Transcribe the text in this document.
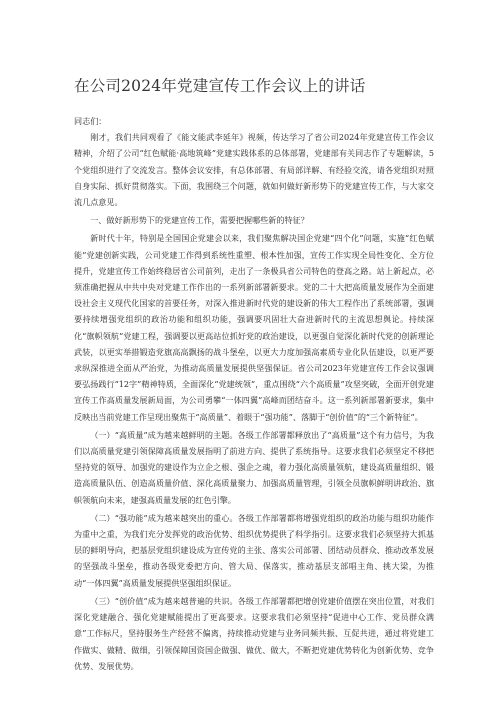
在公司2024年党建宣传工作会议上的讲话

同志们：

刚才，我们共同观看了《能文能武李延年》视频，传达学习了省公司2024年党建宣传工作会议精神，介绍了公司“红色赋能·高地筑峰”党建实践体系的总体部署，党建部有关同志作了专题解读，5个党组织进行了交流发言。整体会议安排，有总体部署、有局部详解、有经验交流，请各党组织对照自身实际、抓好贯彻落实。下面，我围绕三个问题，就如何做好新形势下的党建宣传工作，与大家交流几点意见。

一、做好新形势下的党建宣传工作，需要把握哪些新的特征？

新时代十年，特别是全国国企党建会以来，我们聚焦解决国企党建“四个化”问题，实施“红色赋能”党建创新实践，公司党建工作得到系统性重塑、根本性加强，宣传工作实现全局性变化、全方位提升，党建宣传工作始终稳居省公司前列，走出了一条极具省公司特色的登高之路。站上新起点，必须准确把握从中共中央对党建工作作出的一系列新部署新要求。党的二十大把高质量发展作为全面建设社会主义现代化国家的首要任务，对深入推进新时代党的建设新的伟大工程作出了系统部署，强调要持续增强党组织的政治功能和组织功能，强调要巩固壮大奋进新时代的主流思想舆论。持续深化“旗帜领航”党建工程，强调要以更高站位抓好党的政治建设，以更强自觉深化新时代党的创新理论武装，以更实举措锻造党旗高高飘扬的战斗堡垒，以更大力度加强高素质专业化队伍建设，以更严要求纵深推进全面从严治党，为推动高质量发展提供坚强保证。省公司2023年党建宣传工作会议强调要弘扬践行“12字”精神特质，全面深化“党建统领”，重点围绕“六个高质量”攻坚突破，全面开创党建宣传工作高质量发展新局面，为公司勇攀“一体四翼”高峰而团结奋斗。这一系列新部署新要求，集中反映出当前党建工作呈现出聚焦于“高质量”、着眼于“强功能”、落脚于“创价值”的“三个新特征”。

（一）“高质量”成为越来越鲜明的主题。各级工作部署都释放出了“高质量”这个有力信号，为我们以高质量党建引领保障高质量发展指明了前进方向、提供了系统指导。这要求我们必须坚定不移把坚持党的领导、加强党的建设作为立企之根、强企之魂，着力强化高质量领航，建设高质量组织、锻造高质量队伍、创造高质量价值、深化高质量聚力、加强高质量管理，引领全员旗帜鲜明讲政治、旗帜领航向未来，建强高质量发展的红色引擎。

（二）“强功能”成为越来越突出的重心。各级工作部署都将增强党组织的政治功能与组织功能作为重中之重，为我们充分发挥党的政治优势、组织优势提供了科学指引。这要求我们必须坚持大抓基层的鲜明导向，把基层党组织建设成为宣传党的主张、落实公司部署、团结动员群众、推动改革发展的坚强战斗堡垒，推动各级党委把方向、管大局、保落实，推动基层支部唱主角、挑大梁，为推动“一体四翼”高质量发展提供坚强组织保证。

（三）“创价值”成为越来越普遍的共识。各级工作部署都把增创党建价值摆在突出位置，对我们深化党建融合、强化党建赋能提出了更高要求。这要求我们必须坚持“促进中心工作、党员群众满意”工作标尺，坚持服务生产经营不偏离，持续推动党建与业务同频共振、互促共进，通过将党建工作做实、做精、做细，引领保障国资国企做强、做优、做大，不断把党建优势转化为创新优势、竞争优势、发展优势。
